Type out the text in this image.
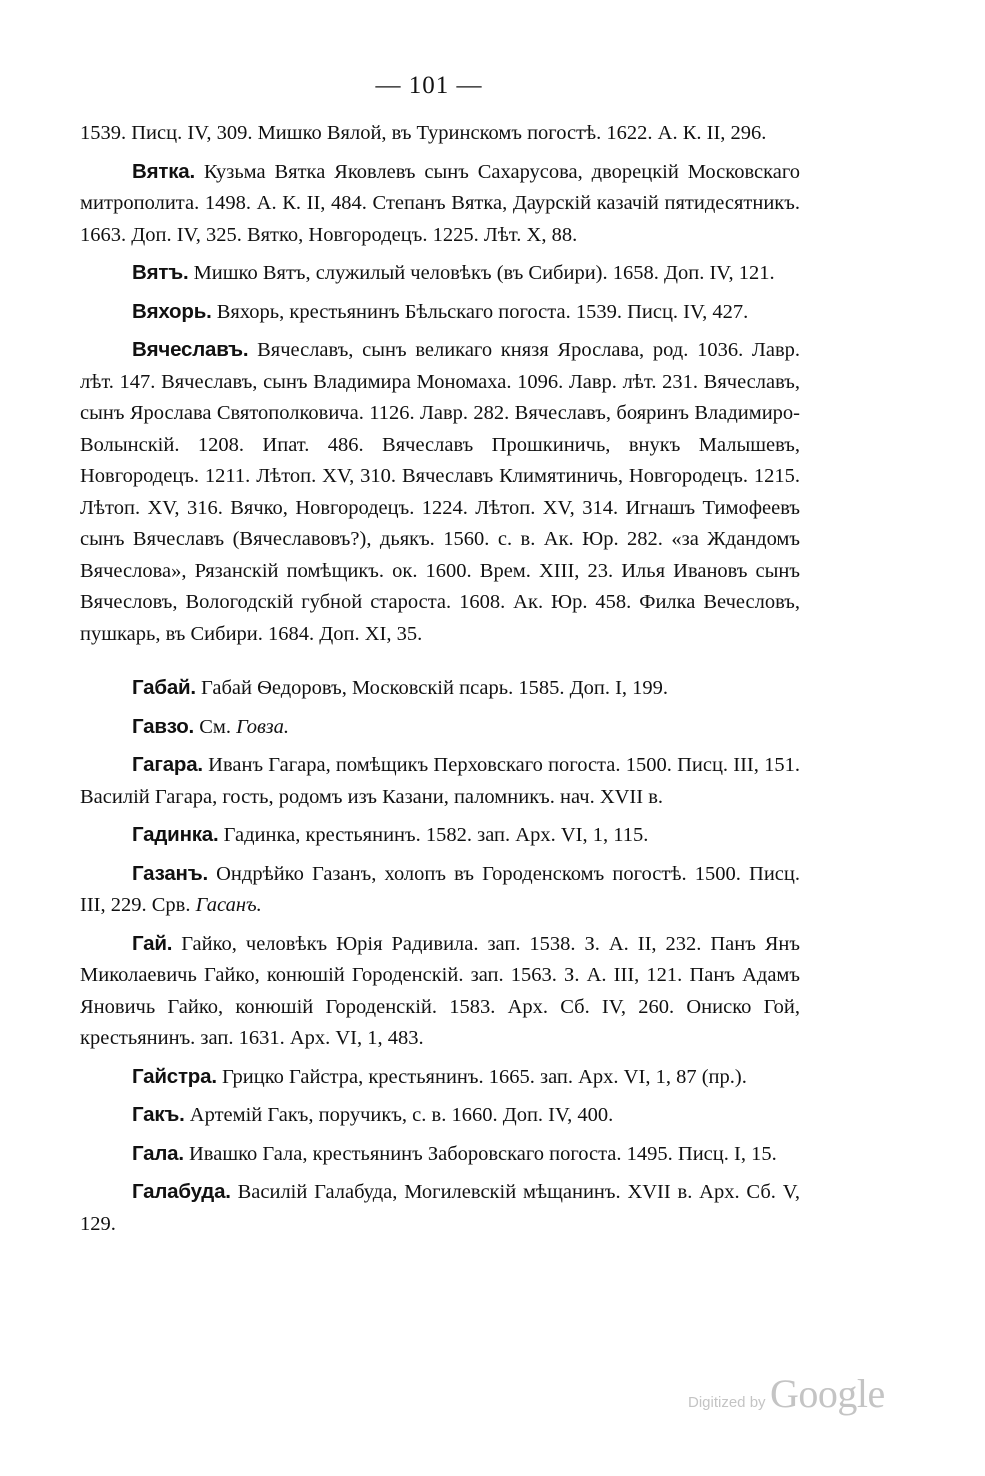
— 101 —

1539. Писц. IV, 309. Мишко Вялой, въ Туринскомъ погостѣ. 1622. А. К. II, 296.

Вятка. Кузьма Вятка Яковлевъ сынъ Сахарусова, дворецкій Московскаго митрополита. 1498. А. К. II, 484. Степанъ Вятка, Даурскій казачій пятидесятникъ. 1663. Доп. IV, 325. Вятко, Новгородецъ. 1225. Лѣт. X, 88.

Вятъ. Мишко Вятъ, служилый человѣкъ (въ Сибири). 1658. Доп. IV, 121.

Вяхорь. Вяхорь, крестьянинъ Бѣльскаго погоста. 1539. Писц. IV, 427.

Вячеславъ. Вячеславъ, сынъ великаго князя Ярослава, род. 1036. Лавр. лѣт. 147. Вячеславъ, сынъ Владимира Мономаха. 1096. Лавр. лѣт. 231. Вячеславъ, сынъ Ярослава Святополковича. 1126. Лавр. 282. Вячеславъ, бояринъ Владимиро-Волынскій. 1208. Ипат. 486. Вячеславъ Прошкиничь, внукъ Малышевъ, Новгородецъ. 1211. Лѣтоп. XV, 310. Вячеславъ Климятиничь, Новгородецъ. 1215. Лѣтоп. XV, 316. Вячко, Новгородецъ. 1224. Лѣтоп. XV, 314. Игнашъ Тимофеевъ сынъ Вячеславъ (Вячеславовъ?), дьякъ. 1560. с. в. Ак. Юр. 282. «за Ждандомъ Вячеслова», Рязанскій помѣщикъ. ок. 1600. Врем. XIII, 23. Илья Ивановъ сынъ Вячесловъ, Вологодскій губной староста. 1608. Ак. Юр. 458. Филка Вечесловъ, пушкарь, въ Сибири. 1684. Доп. XI, 35.

Габай. Габай Ѳедоровъ, Московскій псарь. 1585. Доп. I, 199.

Гавзо. См. Говза.

Гагара. Иванъ Гагара, помѣщикъ Перховскаго погоста. 1500. Писц. III, 151. Василій Гагара, гость, родомъ изъ Казани, паломникъ. нач. XVII в.

Гадинка. Гадинка, крестьянинъ. 1582. зап. Арх. VI, 1, 115.

Газанъ. Ондрѣйко Газанъ, холопъ въ Городенскомъ погостѣ. 1500. Писц. III, 229. Срв. Гасанъ.

Гай. Гайко, человѣкъ Юрія Радивила. зап. 1538. З. А. II, 232. Панъ Янъ Миколаевичь Гайко, конюшій Городенскій. зап. 1563. З. А. III, 121. Панъ Адамъ Яновичь Гайко, конюшій Городенскій. 1583. Арх. Сб. IV, 260. Ониско Гой, крестьянинъ. зап. 1631. Арх. VI, 1, 483.

Гайстра. Грицко Гайстра, крестьянинъ. 1665. зап. Арх. VI, 1, 87 (пр.).

Гакъ. Артемій Гакъ, поручикъ, с. в. 1660. Доп. IV, 400.

Гала. Ивашко Гала, крестьянинъ Заборовскаго погоста. 1495. Писц. I, 15.

Галабуда. Василій Галабуда, Могилевскій мѣщанинъ. XVII в. Арх. Сб. V, 129.

Digitized by Google
